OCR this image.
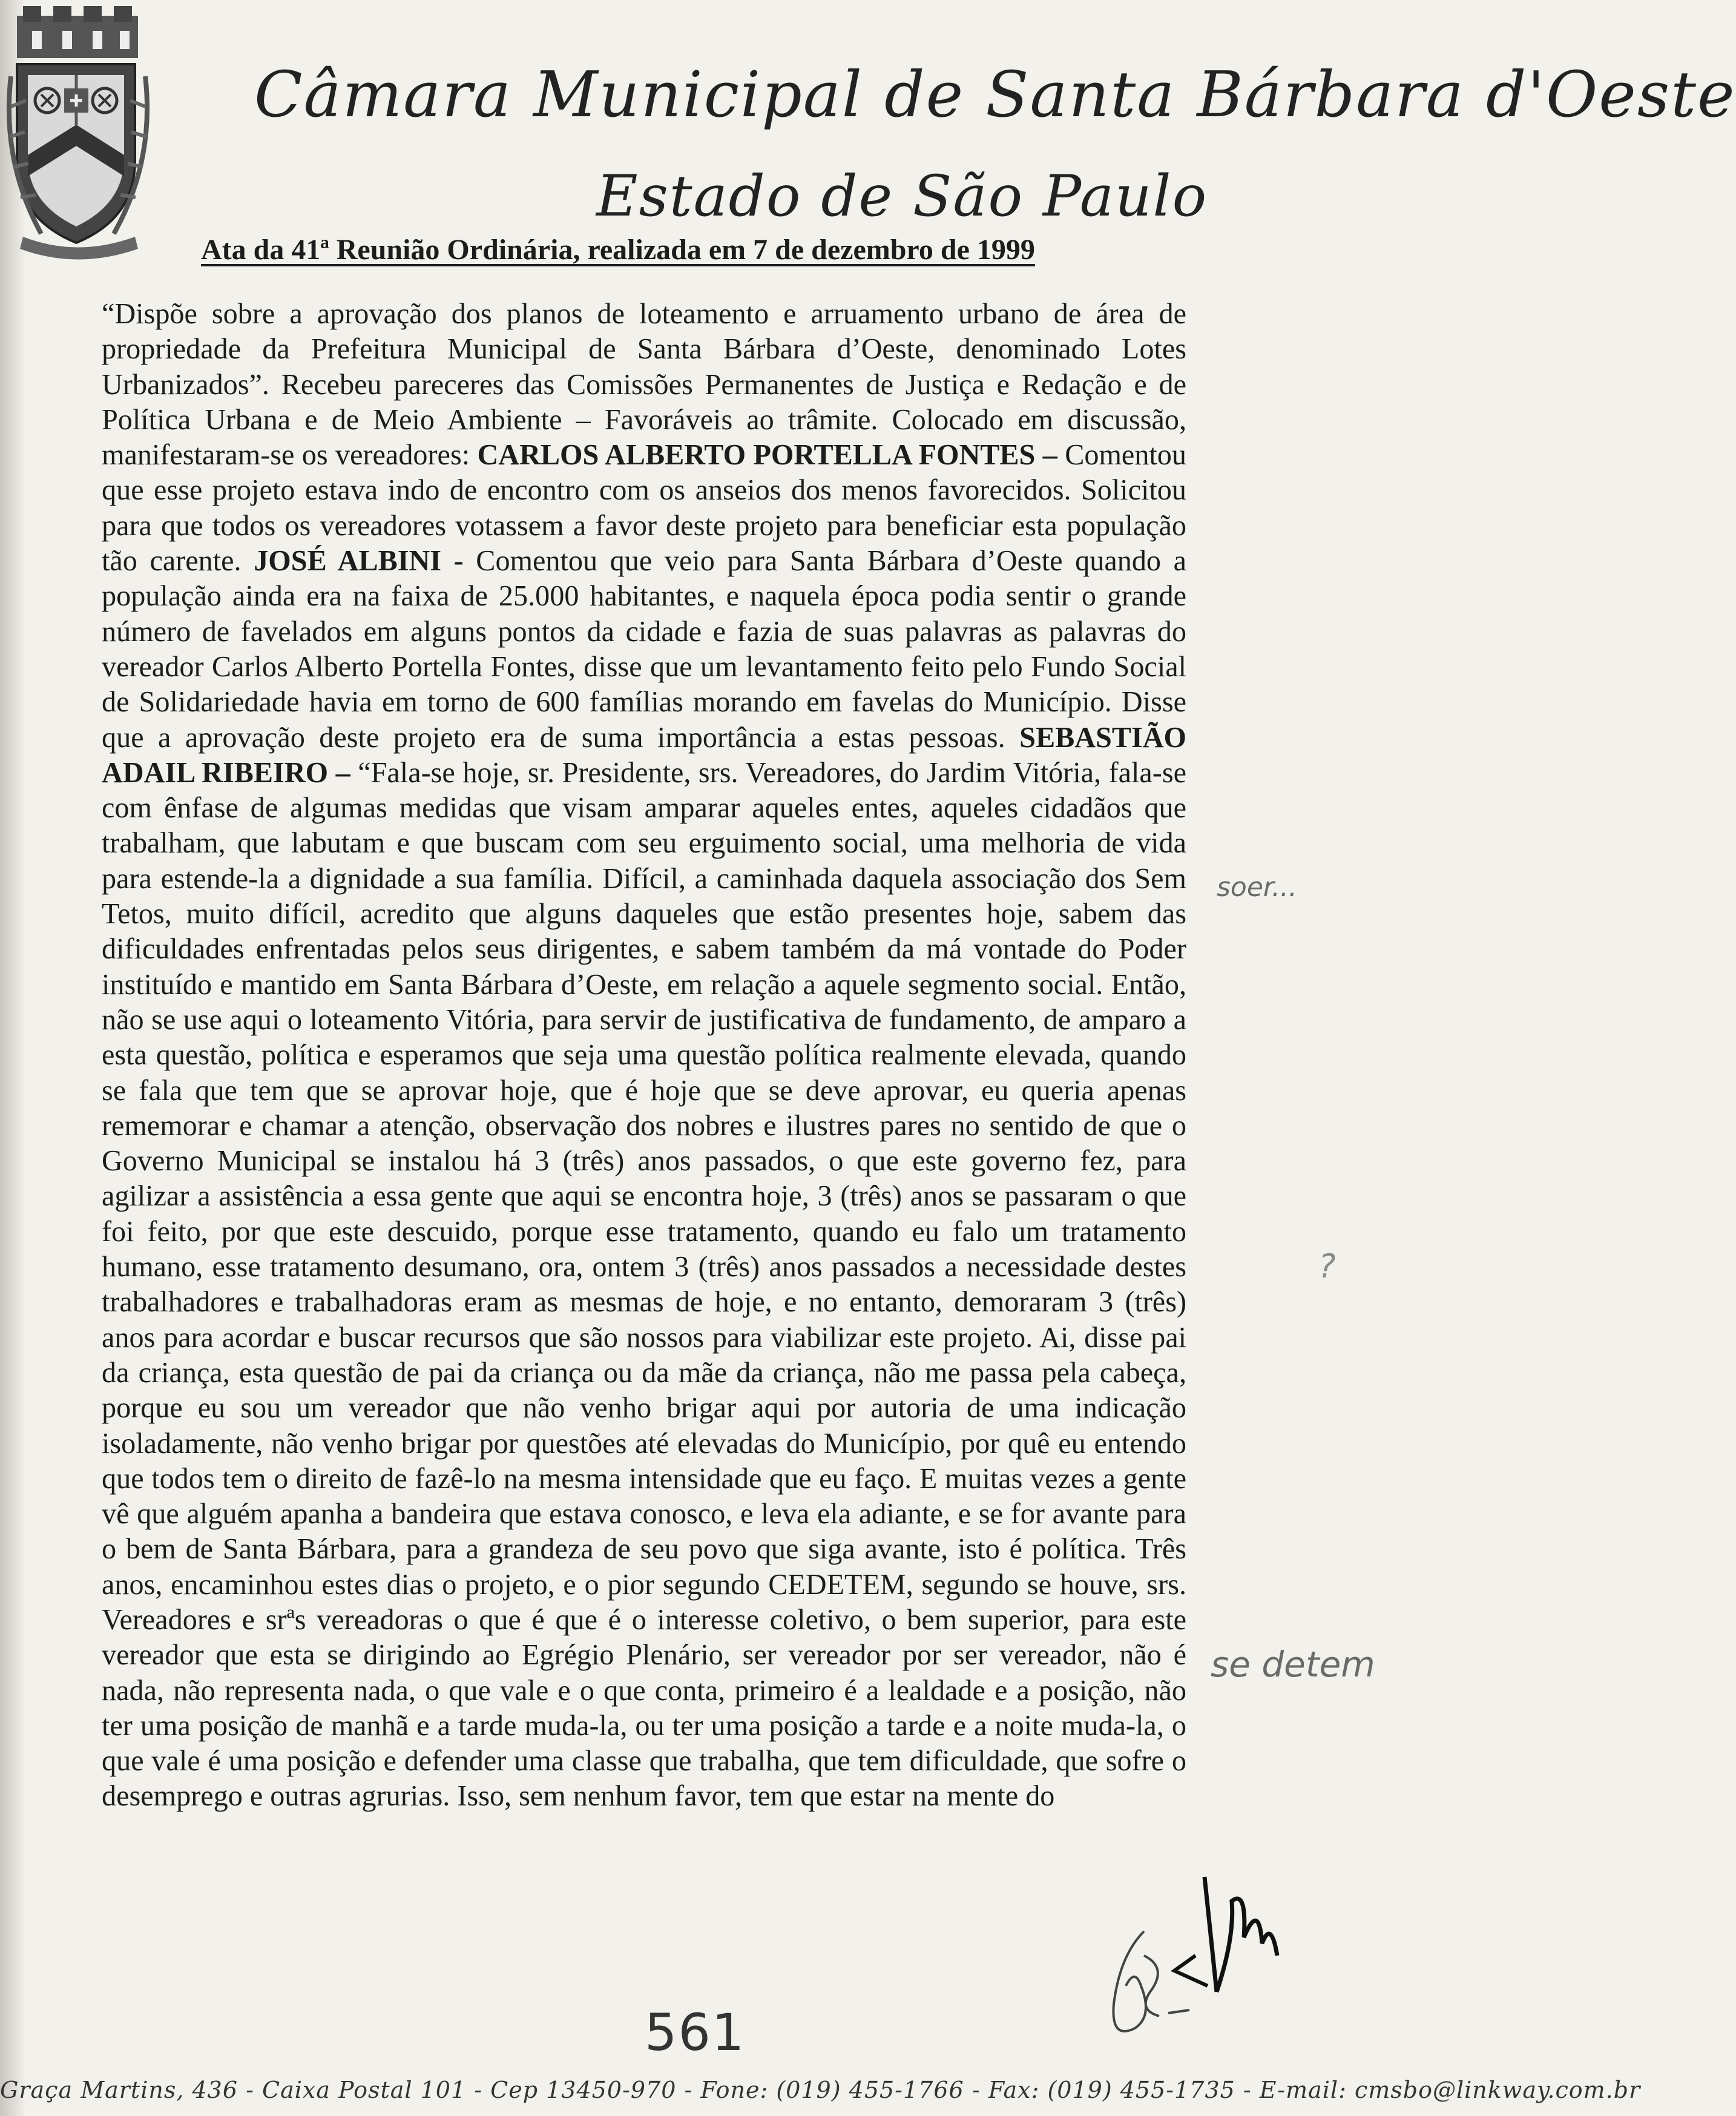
Câmara Municipal de Santa Bárbara d'Oeste
Estado de São Paulo
Ata da 41ª Reunião Ordinária, realizada em 7 de dezembro de 1999
“Dispõe sobre a aprovação dos planos de loteamento e arruamento urbano de área de propriedade da Prefeitura Municipal de Santa Bárbara d’Oeste, denominado Lotes Urbanizados”. Recebeu pareceres das Comissões Permanentes de Justiça e Redação e de Política Urbana e de Meio Ambiente – Favoráveis ao trâmite. Colocado em discussão, manifestaram-se os vereadores: CARLOS ALBERTO PORTELLA FONTES – Comentou que esse projeto estava indo de encontro com os anseios dos menos favorecidos. Solicitou para que todos os vereadores votassem a favor deste projeto para beneficiar esta população tão carente. JOSÉ ALBINI - Comentou que veio para Santa Bárbara d’Oeste quando a população ainda era na faixa de 25.000 habitantes, e naquela época podia sentir o grande número de favelados em alguns pontos da cidade e fazia de suas palavras as palavras do vereador Carlos Alberto Portella Fontes, disse que um levantamento feito pelo Fundo Social de Solidariedade havia em torno de 600 famílias morando em favelas do Município. Disse que a aprovação deste projeto era de suma importância a estas pessoas. SEBASTIÃO ADAIL RIBEIRO – “Fala-se hoje, sr. Presidente, srs. Vereadores, do Jardim Vitória, fala-se com ênfase de algumas medidas que visam amparar aqueles entes, aqueles cidadãos que trabalham, que labutam e que buscam com seu erguimento social, uma melhoria de vida para estende-la a dignidade a sua família. Difícil, a caminhada daquela associação dos Sem Tetos, muito difícil, acredito que alguns daqueles que estão presentes hoje, sabem das dificuldades enfrentadas pelos seus dirigentes, e sabem também da má vontade do Poder instituído e mantido em Santa Bárbara d’Oeste, em relação a aquele segmento social. Então, não se use aqui o loteamento Vitória, para servir de justificativa de fundamento, de amparo a esta questão, política e esperamos que seja uma questão política realmente elevada, quando se fala que tem que se aprovar hoje, que é hoje que se deve aprovar, eu queria apenas rememorar e chamar a atenção, observação dos nobres e ilustres pares no sentido de que o Governo Municipal se instalou há 3 (três) anos passados, o que este governo fez, para agilizar a assistência a essa gente que aqui se encontra hoje, 3 (três) anos se passaram o que foi feito, por que este descuido, porque esse tratamento, quando eu falo um tratamento humano, esse tratamento desumano, ora, ontem 3 (três) anos passados a necessidade destes trabalhadores e trabalhadoras eram as mesmas de hoje, e no entanto, demoraram 3 (três) anos para acordar e buscar recursos que são nossos para viabilizar este projeto. Ai, disse pai da criança, esta questão de pai da criança ou da mãe da criança, não me passa pela cabeça, porque eu sou um vereador que não venho brigar aqui por autoria de uma indicação isoladamente, não venho brigar por questões até elevadas do Município, por quê eu entendo que todos tem o direito de fazê-lo na mesma intensidade que eu faço. E muitas vezes a gente vê que alguém apanha a bandeira que estava conosco, e leva ela adiante, e se for avante para o bem de Santa Bárbara, para a grandeza de seu povo que siga avante, isto é política. Três anos, encaminhou estes dias o projeto, e o pior segundo CEDETEM, segundo se houve, srs. Vereadores e srªs vereadoras o que é que é o interesse coletivo, o bem superior, para este vereador que esta se dirigindo ao Egrégio Plenário, ser vereador por ser vereador, não é nada, não representa nada, o que vale e o que conta, primeiro é a lealdade e a posição, não ter uma posição de manhã e a tarde muda-la, ou ter uma posição a tarde e a noite muda-la, o que vale é uma posição e defender uma classe que trabalha, que tem dificuldade, que sofre o desemprego e outras agrurias. Isso, sem nenhum favor, tem que estar na mente do
soer...
?
se detem
561
Graça Martins, 436 - Caixa Postal 101 - Cep 13450-970 - Fone: (019) 455-1766 - Fax: (019) 455-1735 - E-mail: cmsbo@linkway.com.br
